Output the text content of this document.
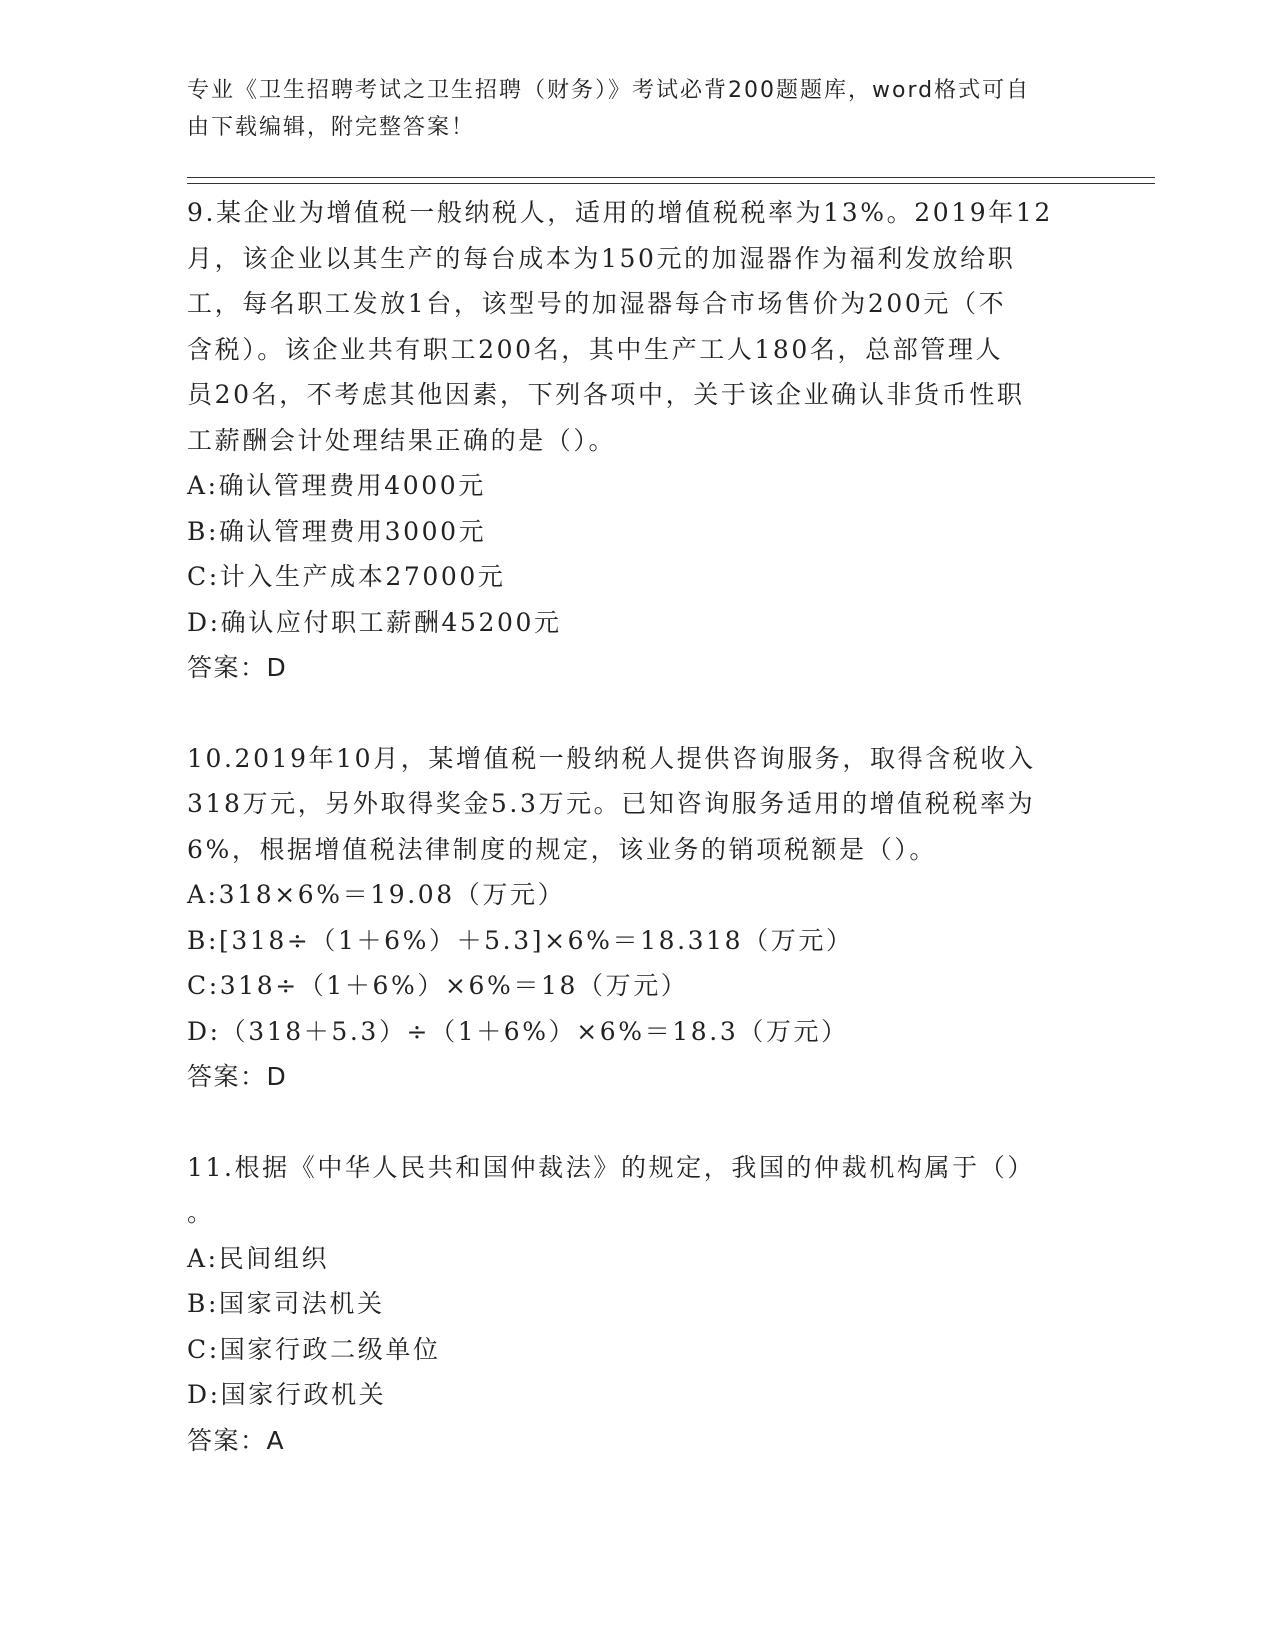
专业《卫生招聘考试之卫生招聘（财务）》考试必背200题题库，word格式可自
由下载编辑，附完整答案！
9.某企业为增值税一般纳税人，适用的增值税税率为13%。2019年12
月，该企业以其生产的每台成本为150元的加湿器作为福利发放给职
工，每名职工发放1台，该型号的加湿器每合市场售价为200元（不
含税）。该企业共有职工200名，其中生产工人180名，总部管理人
员20名，不考虑其他因素，下列各项中，关于该企业确认非货币性职
工薪酬会计处理结果正确的是（）。
A:确认管理费用4000元
B:确认管理费用3000元
C:计入生产成本27000元
D:确认应付职工薪酬45200元
答案：D
10.2019年10月，某增值税一般纳税人提供咨询服务，取得含税收入
318万元，另外取得奖金5.3万元。已知咨询服务适用的增值税税率为
6%，根据增值税法律制度的规定，该业务的销项税额是（）。
A:318×6%＝19.08（万元）
B:[318÷（1＋6%）＋5.3]×6%＝18.318（万元）
C:318÷（1＋6%）×6%＝18（万元）
D:（318＋5.3）÷（1＋6%）×6%＝18.3（万元）
答案：D
11.根据《中华人民共和国仲裁法》的规定，我国的仲裁机构属于（）
。
A:民间组织
B:国家司法机关
C:国家行政二级单位
D:国家行政机关
答案：A
